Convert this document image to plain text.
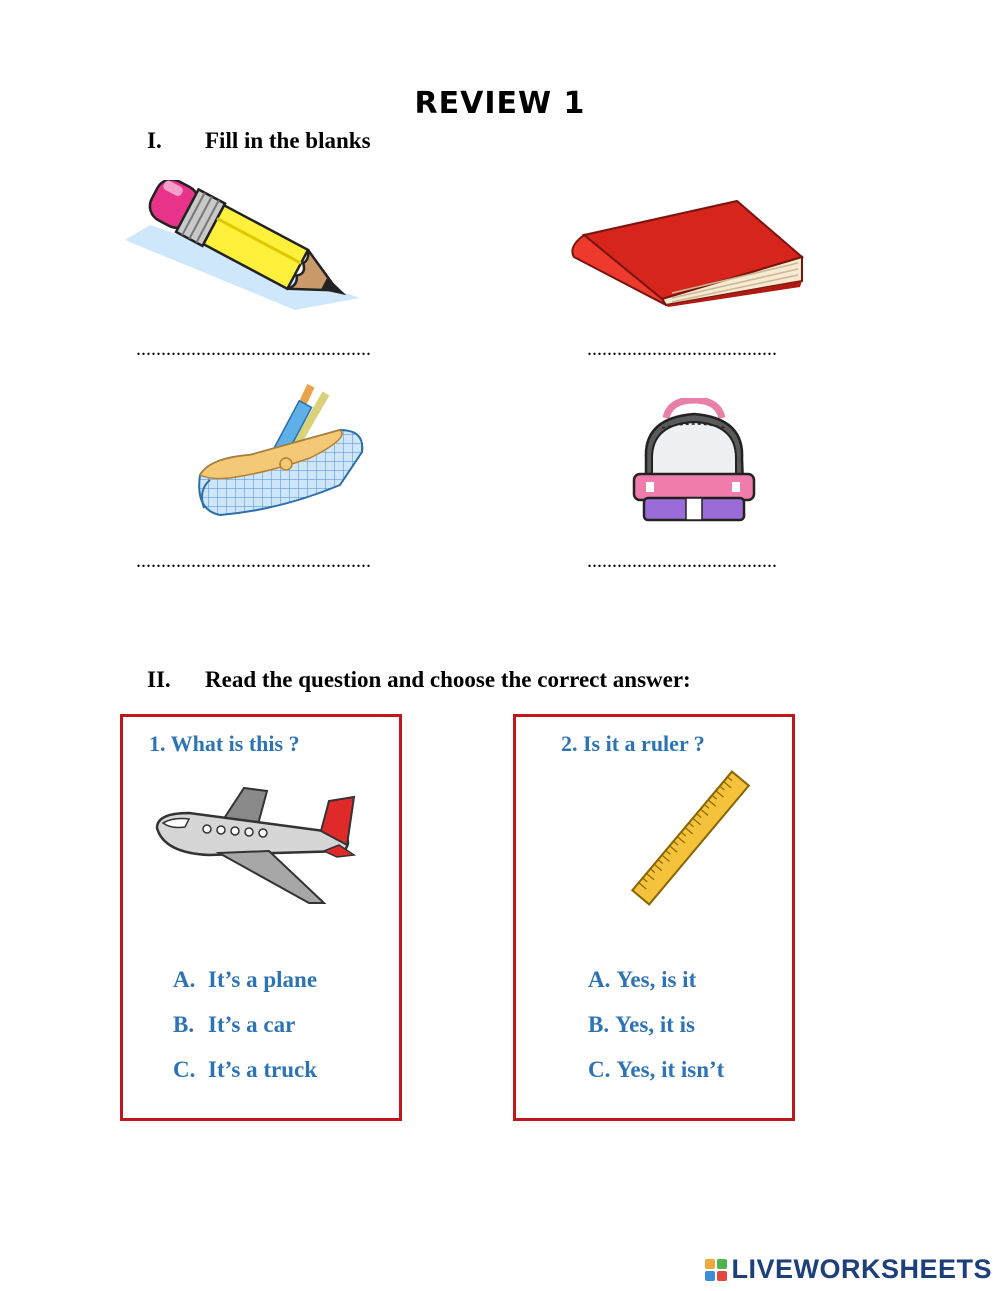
REVIEW 1
I. Fill in the blanks
...............................................	......................................
...............................................	......................................
II. Read the question and choose the correct answer:
1. What is this ?
A. It’s a plane
B. It’s a car
C. It’s a truck
2. Is it a ruler ?
A. Yes, is it
B. Yes, it is
C. Yes, it isn’t
LIVEWORKSHEETS
